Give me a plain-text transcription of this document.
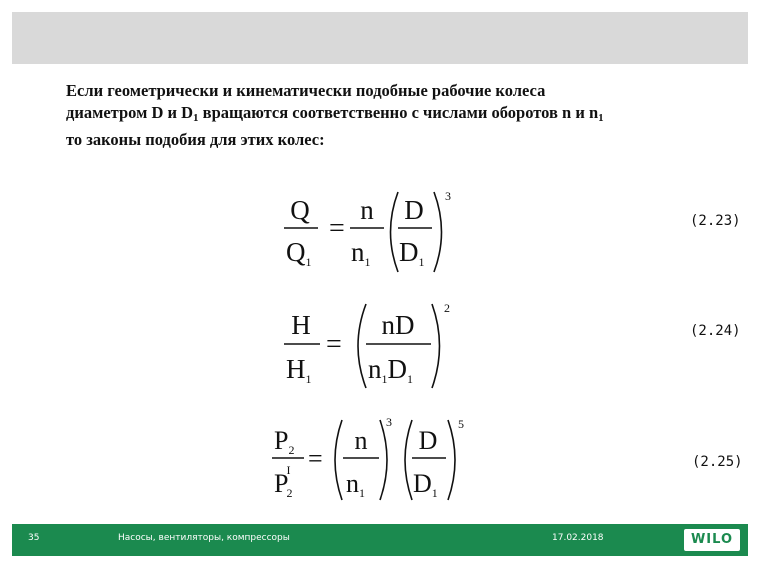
Если геометрически и кинематически подобные рабочие колеса
диаметром D и $D_1$ вращаются соответственно с числами оборотов n и $n_1$
то законы подобия для этих колес:
Q
Q1
=
n
n1
D
D1
3
(2.23)
H
H1
=
nD
n1D1
2
(2.24)
P2
PI 2
=
n
n1
3
D
D1
5
(2.25)
35	Насосы, вентиляторы, компрессоры	17.02.2018	WILO
